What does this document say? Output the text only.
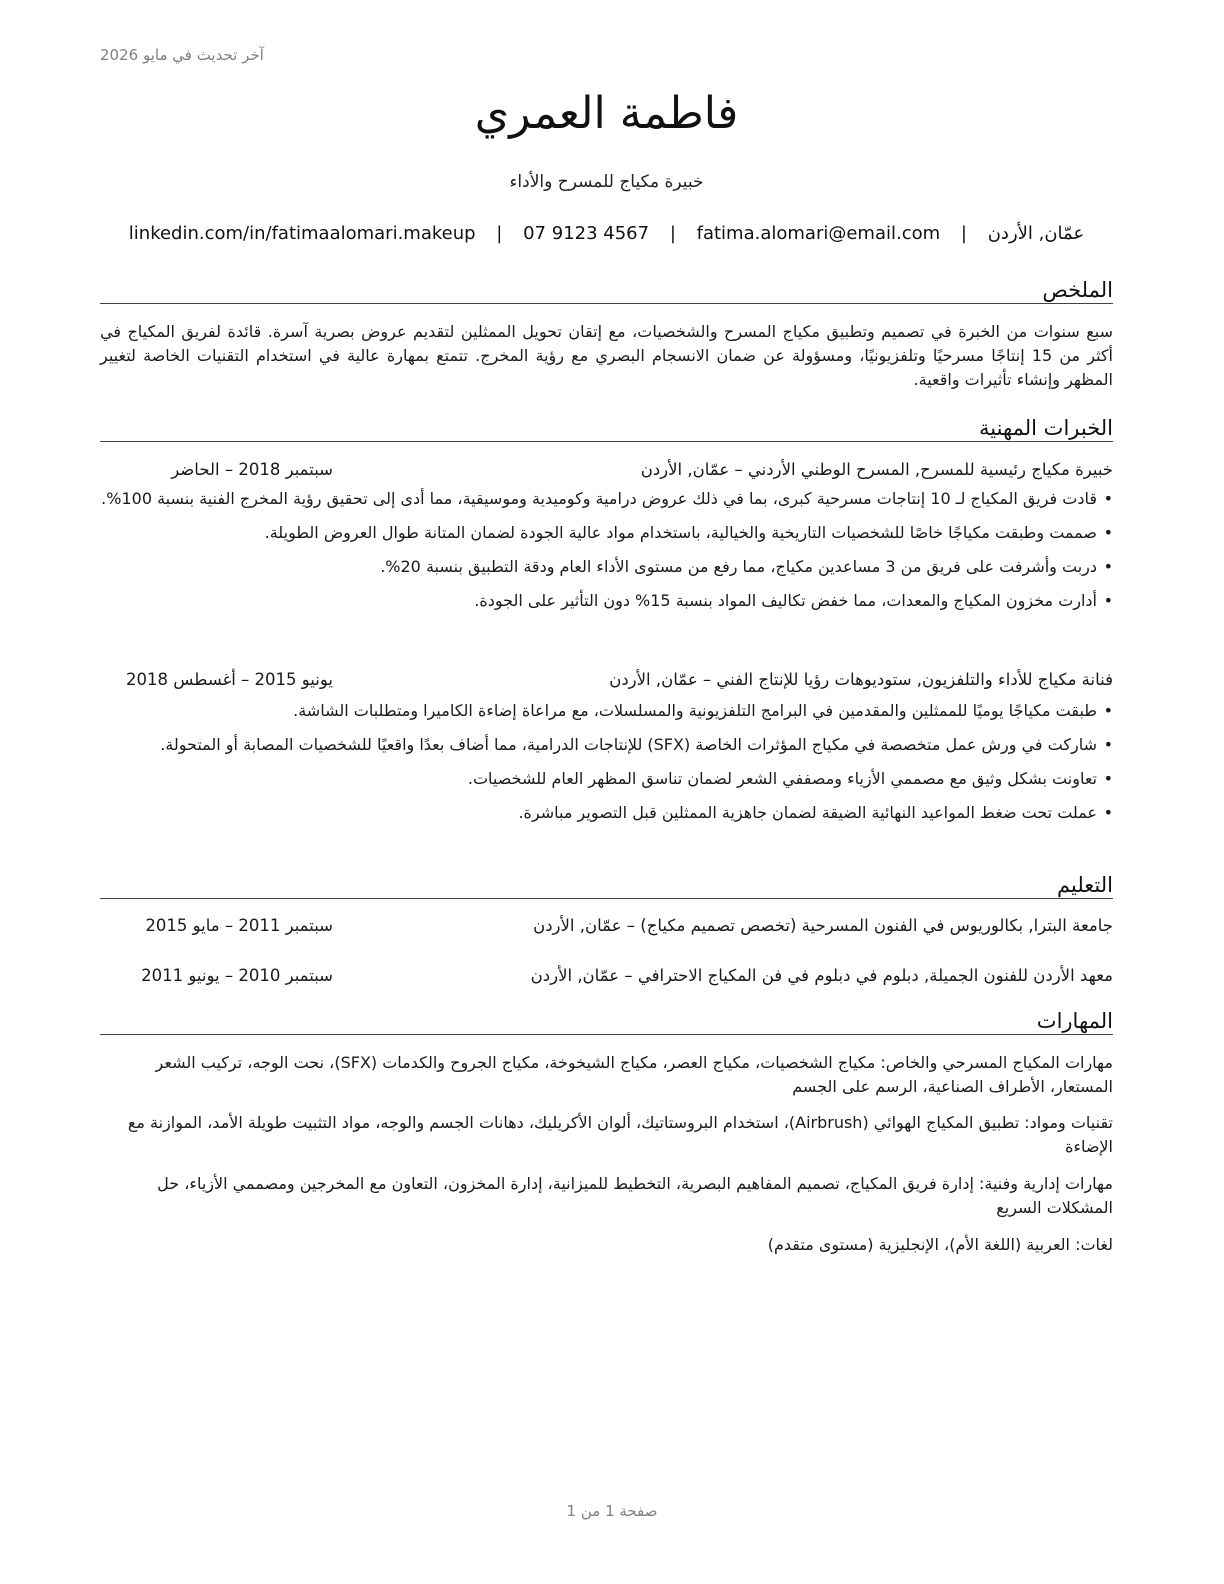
آخر تحديث في مايو 2026
فاطمة العمري
خبيرة مكياج للمسرح والأداء
عمّان, الأردن | fatima.alomari@email.com | 07 9123 4567 | linkedin.com/in/fatimaalomari.makeup
الملخص

سبع سنوات من الخبرة في تصميم وتطبيق مكياج المسرح والشخصيات، مع إتقان تحويل الممثلين لتقديم عروض بصرية آسرة. قائدة لفريق المكياج في أكثر من 15 إنتاجًا مسرحيًا وتلفزيونيًا، ومسؤولة عن ضمان الانسجام البصري مع رؤية المخرج. تتمتع بمهارة عالية في استخدام التقنيات الخاصة لتغيير المظهر وإنشاء تأثيرات واقعية.

الخبرات المهنية
خبيرة مكياج رئيسية للمسرح, المسرح الوطني الأردني – عمّان, الأردن
سبتمبر 2018 – الحاضر
• قادت فريق المكياج لـ 10 إنتاجات مسرحية كبرى، بما في ذلك عروض درامية وكوميدية وموسيقية، مما أدى إلى تحقيق رؤية المخرج الفنية بنسبة 100%.
• صممت وطبقت مكياجًا خاصًا للشخصيات التاريخية والخيالية، باستخدام مواد عالية الجودة لضمان المتانة طوال العروض الطويلة.
• دربت وأشرفت على فريق من 3 مساعدين مكياج، مما رفع من مستوى الأداء العام ودقة التطبيق بنسبة 20%.
• أدارت مخزون المكياج والمعدات، مما خفض تكاليف المواد بنسبة 15% دون التأثير على الجودة.
فنانة مكياج للأداء والتلفزيون, ستوديوهات رؤيا للإنتاج الفني – عمّان, الأردن
يونيو 2015 – أغسطس 2018
• طبقت مكياجًا يوميًا للممثلين والمقدمين في البرامج التلفزيونية والمسلسلات، مع مراعاة إضاءة الكاميرا ومتطلبات الشاشة.
• شاركت في ورش عمل متخصصة في مكياج المؤثرات الخاصة (SFX) للإنتاجات الدرامية، مما أضاف بعدًا واقعيًا للشخصيات المصابة أو المتحولة.
• تعاونت بشكل وثيق مع مصممي الأزياء ومصففي الشعر لضمان تناسق المظهر العام للشخصيات.
• عملت تحت ضغط المواعيد النهائية الضيقة لضمان جاهزية الممثلين قبل التصوير مباشرة.
التعليم
جامعة البترا, بكالوريوس في الفنون المسرحية (تخصص تصميم مكياج) – عمّان, الأردن
سبتمبر 2011 – مايو 2015
معهد الأردن للفنون الجميلة, دبلوم في دبلوم في فن المكياج الاحترافي – عمّان, الأردن
سبتمبر 2010 – يونيو 2011
المهارات

مهارات المكياج المسرحي والخاص: مكياج الشخصيات، مكياج العصر، مكياج الشيخوخة، مكياج الجروح والكدمات (SFX)، نحت الوجه، تركيب الشعر المستعار، الأطراف الصناعية، الرسم على الجسم

تقنيات ومواد: تطبيق المكياج الهوائي (Airbrush)، استخدام البروستاتيك، ألوان الأكريليك، دهانات الجسم والوجه، مواد التثبيت طويلة الأمد، الموازنة مع الإضاءة

مهارات إدارية وفنية: إدارة فريق المكياج، تصميم المفاهيم البصرية، التخطيط للميزانية، إدارة المخزون، التعاون مع المخرجين ومصممي الأزياء، حل المشكلات السريع

لغات: العربية (اللغة الأم)، الإنجليزية (مستوى متقدم)

صفحة 1 من 1
